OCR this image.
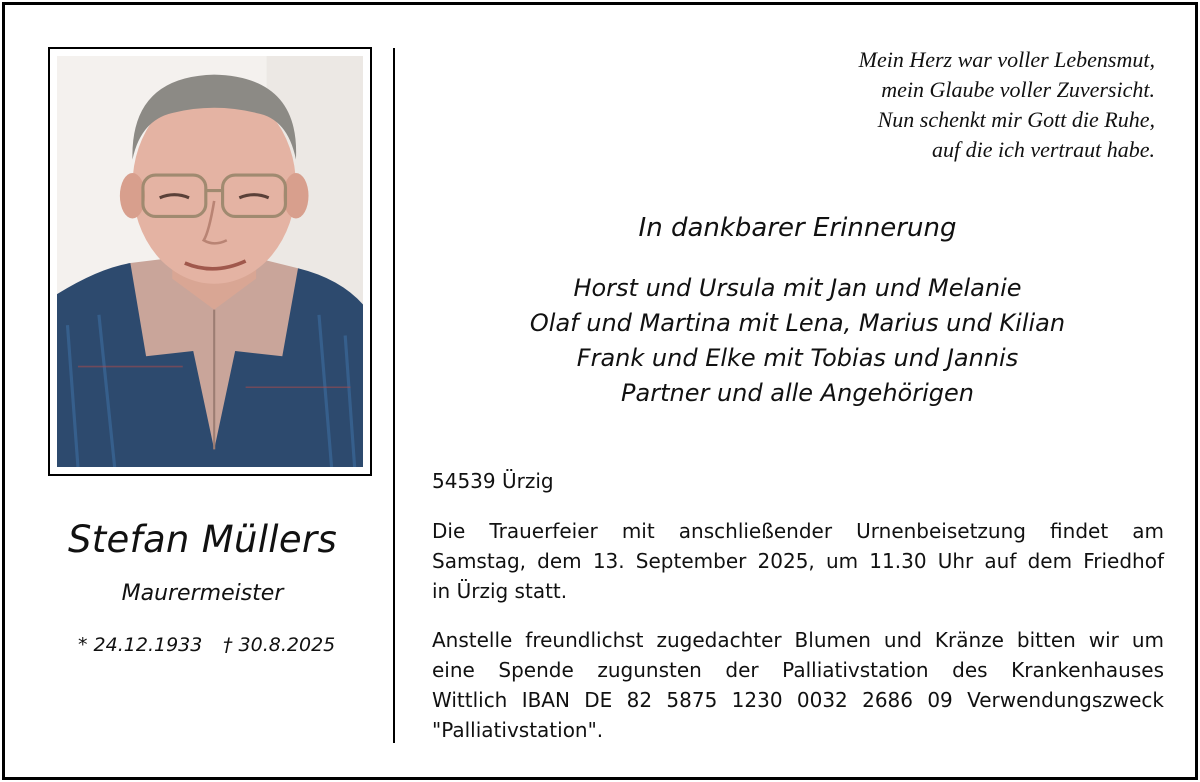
Stefan Müllers
Maurermeister
* 24.12.1933 † 30.8.2025
Mein Herz war voller Lebensmut,
mein Glaube voller Zuversicht.
Nun schenkt mir Gott die Ruhe,
auf die ich vertraut habe.
In dankbarer Erinnerung
Horst und Ursula mit Jan und Melanie
Olaf und Martina mit Lena, Marius und Kilian
Frank und Elke mit Tobias und Jannis
Partner und alle Angehörigen
54539 Ürzig
Die Trauerfeier mit anschließender Urnenbeisetzung findet am
Samstag, dem 13. September 2025, um 11.30 Uhr auf dem Friedhof
in Ürzig statt.
Anstelle freundlichst zugedachter Blumen und Kränze bitten wir um
eine Spende zugunsten der Palliativstation des Krankenhauses
Wittlich IBAN DE 82 5875 1230 0032 2686 09 Verwendungszweck
"Palliativstation".
